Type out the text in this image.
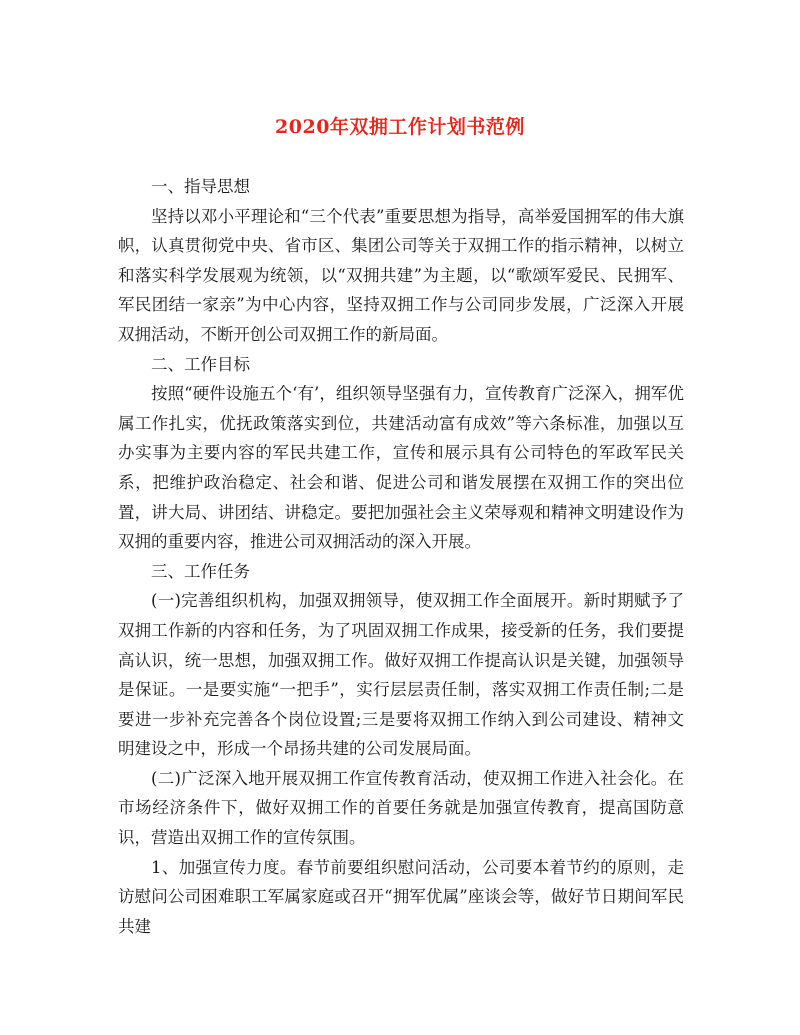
2020年双拥工作计划书范例

一、指导思想

坚持以邓小平理论和“三个代表”重要思想为指导，高举爱国拥军的伟大旗帜，认真贯彻党中央、省市区、集团公司等关于双拥工作的指示精神，以树立和落实科学发展观为统领，以“双拥共建”为主题，以“歌颂军爱民、民拥军、军民团结一家亲”为中心内容，坚持双拥工作与公司同步发展，广泛深入开展双拥活动，不断开创公司双拥工作的新局面。

二、工作目标

按照“硬件设施五个‘有’，组织领导坚强有力，宣传教育广泛深入，拥军优属工作扎实，优抚政策落实到位，共建活动富有成效”等六条标准，加强以互办实事为主要内容的军民共建工作，宣传和展示具有公司特色的军政军民关系，把维护政治稳定、社会和谐、促进公司和谐发展摆在双拥工作的突出位置，讲大局、讲团结、讲稳定。要把加强社会主义荣辱观和精神文明建设作为双拥的重要内容，推进公司双拥活动的深入开展。

三、工作任务

(一)完善组织机构，加强双拥领导，使双拥工作全面展开。新时期赋予了双拥工作新的内容和任务，为了巩固双拥工作成果，接受新的任务，我们要提高认识，统一思想，加强双拥工作。做好双拥工作提高认识是关键，加强领导是保证。一是要实施“一把手”，实行层层责任制，落实双拥工作责任制;二是要进一步补充完善各个岗位设置;三是要将双拥工作纳入到公司建设、精神文明建设之中，形成一个昂扬共建的公司发展局面。

(二)广泛深入地开展双拥工作宣传教育活动，使双拥工作进入社会化。在市场经济条件下，做好双拥工作的首要任务就是加强宣传教育，提高国防意识，营造出双拥工作的宣传氛围。

1、加强宣传力度。春节前要组织慰问活动，公司要本着节约的原则，走访慰问公司困难职工军属家庭或召开“拥军优属”座谈会等，做好节日期间军民共建
